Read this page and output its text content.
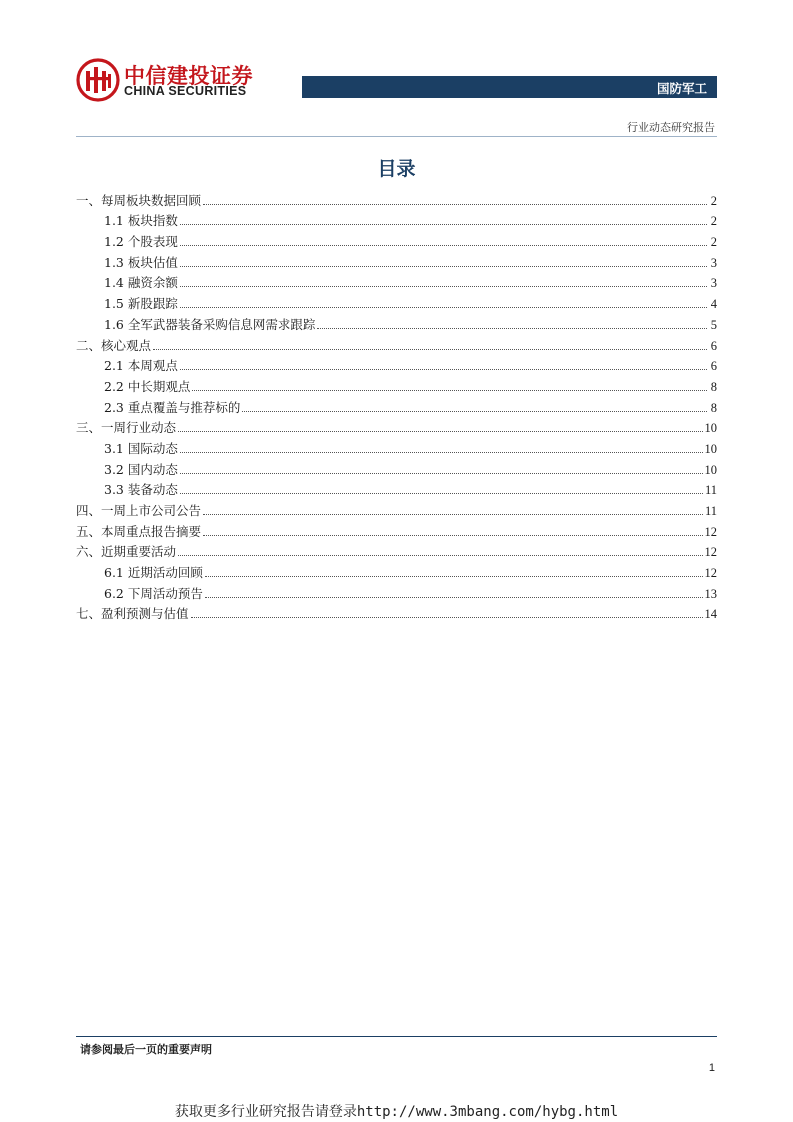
中信建投证券
CHINA SECURITIES	国防军工
行业动态研究报告
目录
一、每周板块数据回顾	2
1.1 板块指数	2
1.2 个股表现	2
1.3 板块估值	3
1.4 融资余额	3
1.5 新股跟踪	4
1.6 全军武器装备采购信息网需求跟踪	5
二、核心观点	6
2.1 本周观点	6
2.2 中长期观点	8
2.3 重点覆盖与推荐标的	8
三、一周行业动态	10
3.1 国际动态	10
3.2 国内动态	10
3.3 装备动态	11
四、一周上市公司公告	11
五、本周重点报告摘要	12
六、近期重要活动	12
6.1 近期活动回顾	12
6.2 下周活动预告	13
七、盈利预测与估值	14
请参阅最后一页的重要声明
1
获取更多行业研究报告请登录http://www.3mbang.com/hybg.html
